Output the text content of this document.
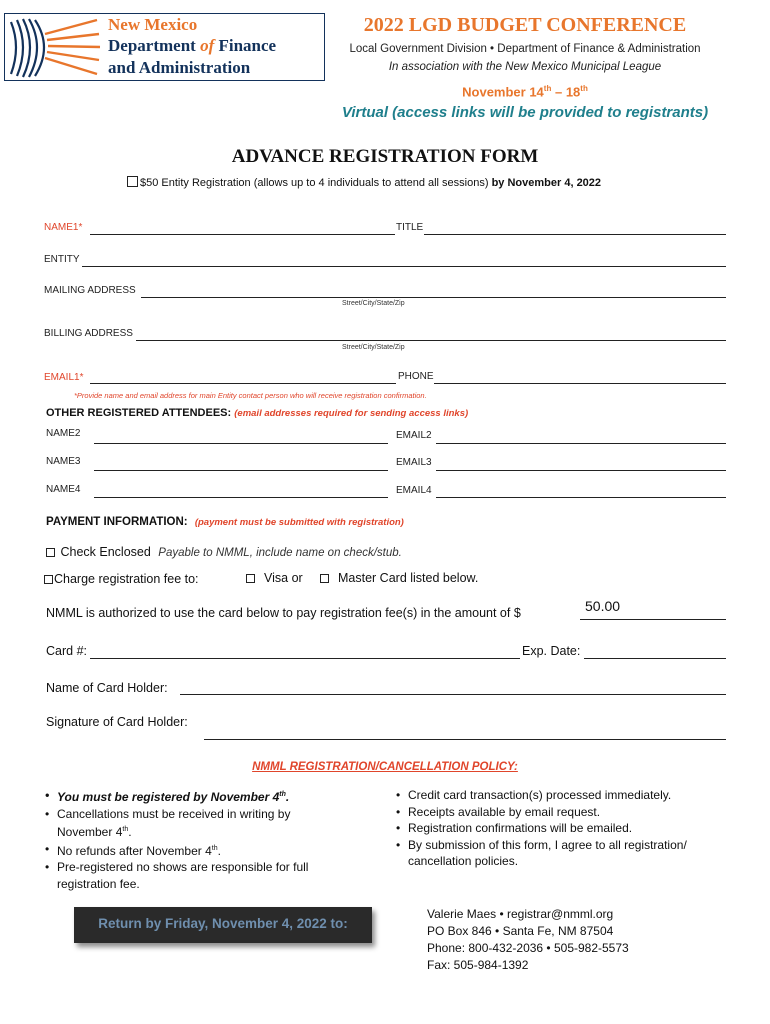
New Mexico
Department of Finance
and Administration
2022 LGD BUDGET CONFERENCE
Local Government Division • Department of Finance & Administration
In association with the New Mexico Municipal League
November 14th – 18th
Virtual (access links will be provided to registrants)
ADVANCE REGISTRATION FORM
$50 Entity Registration (allows up to 4 individuals to attend all sessions) by November 4, 2022
NAME1*	TITLE
ENTITY
MAILING ADDRESS
Street/City/State/Zip
BILLING ADDRESS
Street/City/State/Zip
EMAIL1*	PHONE
*Provide name and email address for main Entity contact person who will receive registration confirmation.
OTHER REGISTERED ATTENDEES: (email addresses required for sending access links)
NAME2	EMAIL2
NAME3	EMAIL3
NAME4	EMAIL4
PAYMENT INFORMATION: (payment must be submitted with registration)
Check Enclosed Payable to NMML, include name on check/stub.
Charge registration fee to:	Visa or	Master Card listed below.
NMML is authorized to use the card below to pay registration fee(s) in the amount of $	50.00
Card #:	Exp. Date:
Name of Card Holder:
Signature of Card Holder:
NMML REGISTRATION/CANCELLATION POLICY:
• You must be registered by November 4th.
• Cancellations must be received in writing by November 4th.
• No refunds after November 4th.
• Pre-registered no shows are responsible for full registration fee.
• Credit card transaction(s) processed immediately.
• Receipts available by email request.
• Registration confirmations will be emailed.
• By submission of this form, I agree to all registration/ cancellation policies.
Return by Friday, November 4, 2022 to:
Valerie Maes • registrar@nmml.org
PO Box 846 • Santa Fe, NM 87504
Phone: 800-432-2036 • 505-982-5573
Fax: 505-984-1392
